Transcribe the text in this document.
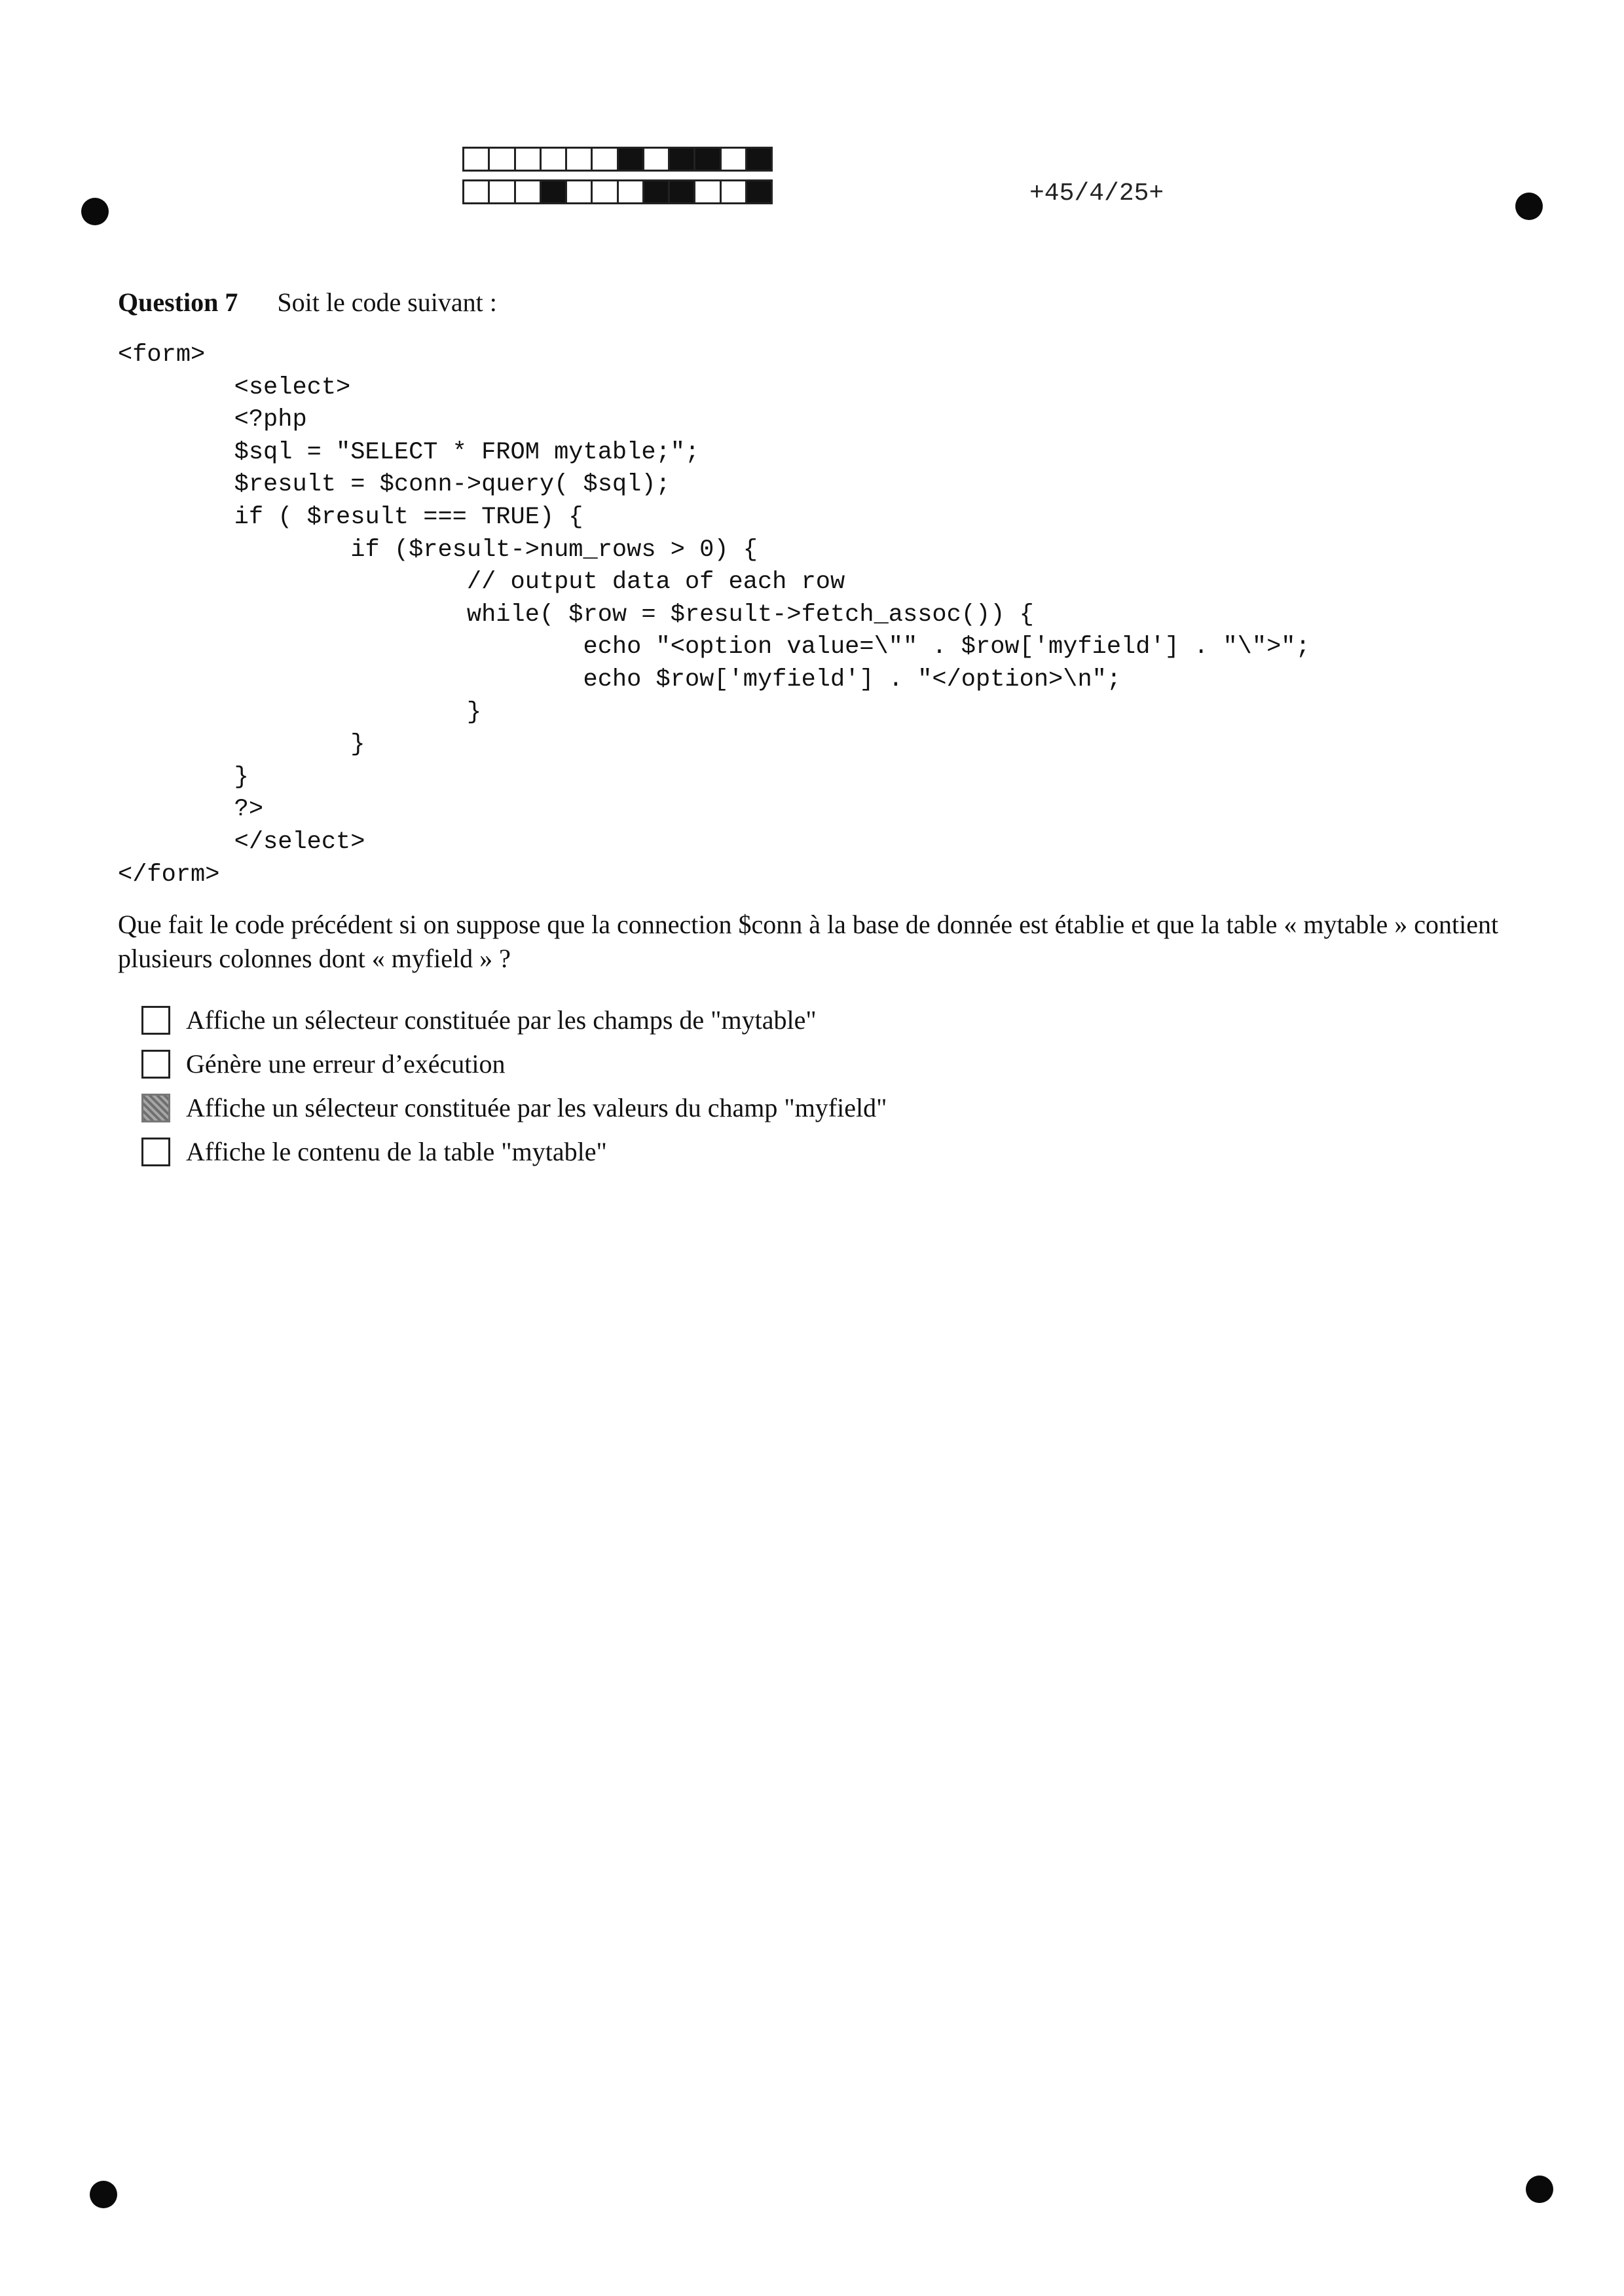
+45/4/25+
Question 7 Soit le code suivant :
<form>
<select>
<?php
$sql = "SELECT * FROM mytable;";
$result = $conn->query( $sql);
if ( $result === TRUE) {
if ($result->num_rows > 0) {
// output data of each row
while( $row = $result->fetch_assoc()) {
echo "<option value=\"" . $row['myfield'] . "\">";
echo $row['myfield'] . "</option>\n";
}
}
}
?>
</select>
</form>
Que fait le code précédent si on suppose que la connection $conn à la base de donnée est établie et que la table « mytable » contient plusieurs colonnes dont « myfield » ?
Affiche un sélecteur constituée par les champs de "mytable"
Génère une erreur d’exécution
Affiche un sélecteur constituée par les valeurs du champ "myfield"
Affiche le contenu de la table "mytable"
